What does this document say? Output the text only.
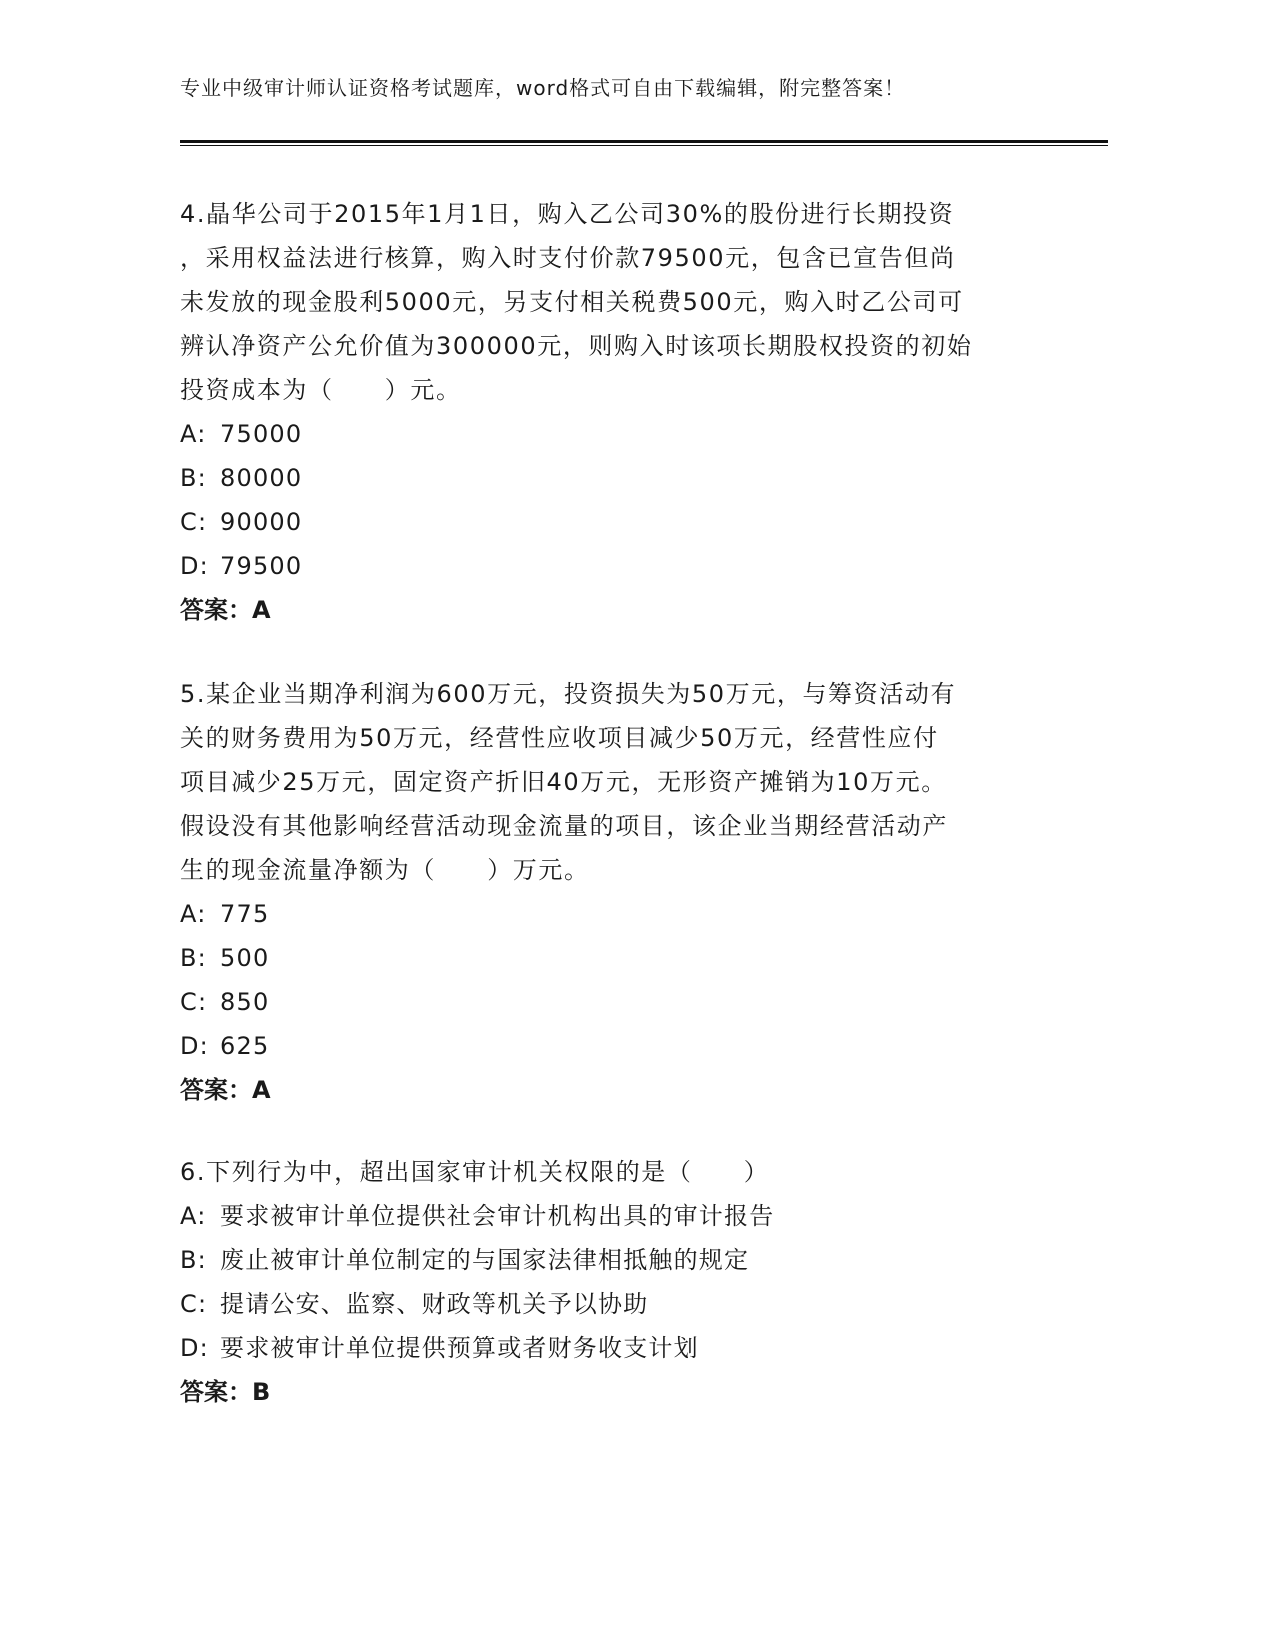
专业中级审计师认证资格考试题库，word格式可自由下载编辑，附完整答案！
4.晶华公司于2015年1月1日，购入乙公司30%的股份进行长期投资
，采用权益法进行核算，购入时支付价款79500元，包含已宣告但尚
未发放的现金股利5000元，另支付相关税费500元，购入时乙公司可
辨认净资产公允价值为300000元，则购入时该项长期股权投资的初始
投资成本为（　　）元。
A: 75000
B: 80000
C: 90000
D: 79500
答案：A
5.某企业当期净利润为600万元，投资损失为50万元，与筹资活动有
关的财务费用为50万元，经营性应收项目减少50万元，经营性应付
项目减少25万元，固定资产折旧40万元，无形资产摊销为10万元。
假设没有其他影响经营活动现金流量的项目，该企业当期经营活动产
生的现金流量净额为（　　）万元。
A: 775
B: 500
C: 850
D: 625
答案：A
6.下列行为中，超出国家审计机关权限的是（　　）
A: 要求被审计单位提供社会审计机构出具的审计报告
B: 废止被审计单位制定的与国家法律相抵触的规定
C: 提请公安、监察、财政等机关予以协助
D: 要求被审计单位提供预算或者财务收支计划
答案：B
